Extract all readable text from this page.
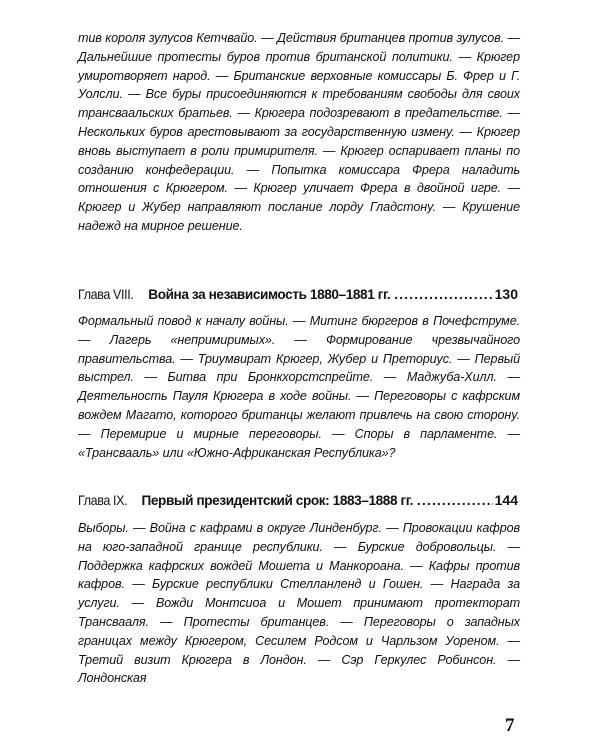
тив короля зулусов Кетчвайо. — Действия британцев против зулусов. — Дальнейшие протесты буров против британской политики. — Крюгер умиротворяет народ. — Британские верховные комиссары Б. Фрер и Г. Уолсли. — Все буры присоединяются к требованиям свободы для своих трансваальских братьев. — Крюгера подозревают в предательстве. — Нескольких буров арестовывают за государственную измену. — Крюгер вновь выступает в роли примирителя. — Крюгер оспаривает планы по созданию конфедерации. — Попытка комиссара Фрера наладить отношения с Крюгером. — Крюгер уличает Фрера в двойной игре. — Крюгер и Жубер направляют послание лорду Гладстону. — Крушение надежд на мирное решение.
Глава VIII. Война за независимость 1880–1881 гг. .....	130
Формальный повод к началу войны. — Митинг бюргеров в Почефструме. — Лагерь «непримиримых». — Формирование чрезвычайного правительства. — Триумвират Крюгер, Жубер и Преториус. — Первый выстрел. — Битва при Бронкхорстспрейте. — Маджуба-Хилл. — Деятельность Пауля Крюгера в ходе войны. — Переговоры с кафрским вождем Магато, которого британцы желают привлечь на свою сторону. — Перемирие и мирные переговоры. — Споры в парламенте. — «Трансвааль» или «Южно-Африканская Республика»?
Глава IX. Первый президентский срок: 1883–1888 гг. .....	144
Выборы. — Война с кафрами в округе Линденбург. — Провокации кафров на юго-западной границе республики. — Бурские добровольцы. — Поддержка кафрских вождей Мошета и Манкороана. — Кафры против кафров. — Бурские республики Стелланленд и Гошен. — Награда за услуги. — Вожди Монтсиоа и Мошет принимают протекторат Трансвааля. — Протесты британцев. — Переговоры о западных границах между Крюгером, Сесилем Родсом и Чарльзом Уореном. — Третий визит Крюгера в Лондон. — Сэр Геркулес Робинсон. — Лондонская
7
